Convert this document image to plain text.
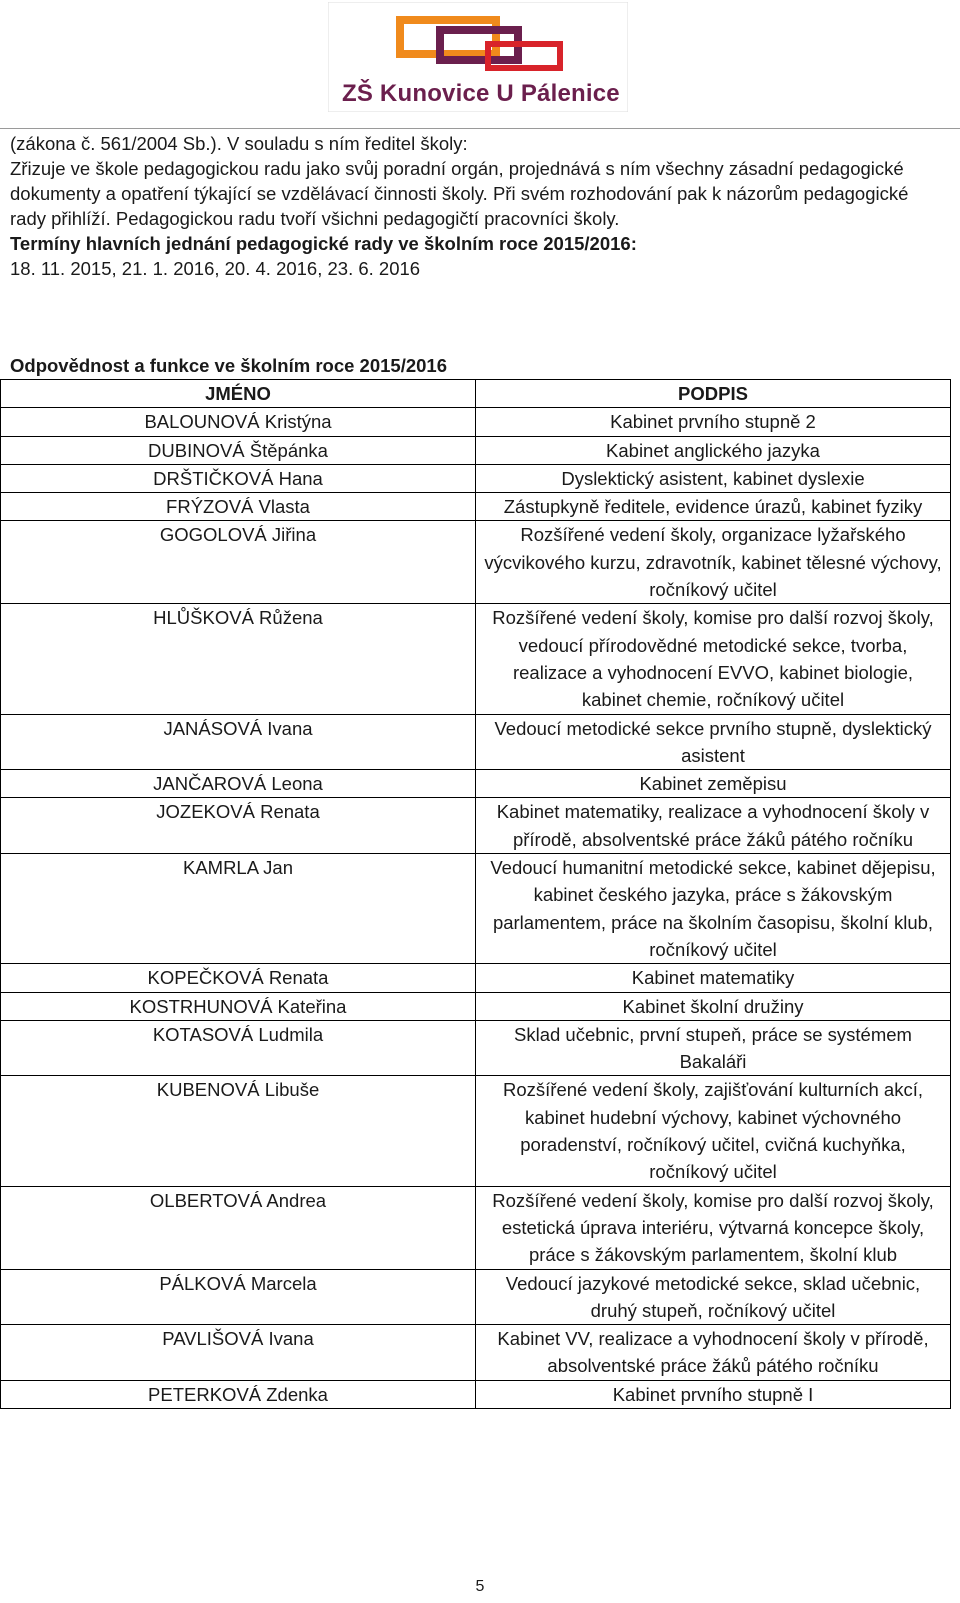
ZŠ Kunovice U Pálenice

(zákona č. 561/2004 Sb.). V souladu s ním ředitel školy:

Zřizuje ve škole pedagogickou radu jako svůj poradní orgán, projednává s ním všechny zásadní pedagogické dokumenty a opatření týkající se vzdělávací činnosti školy. Při svém rozhodování pak k názorům pedagogické rady přihlíží. Pedagogickou radu tvoří všichni pedagogičtí pracovníci školy.

Termíny hlavních jednání pedagogické rady ve školním roce 2015/2016:

18. 11. 2015, 21. 1. 2016, 20. 4. 2016, 23. 6. 2016

Odpovědnost a funkce ve školním roce 2015/2016
JMÉNO	PODPIS
BALOUNOVÁ Kristýna	Kabinet prvního stupně 2
DUBINOVÁ Štěpánka	Kabinet anglického jazyka
DRŠTIČKOVÁ Hana	Dyslektický asistent, kabinet dyslexie
FRÝZOVÁ Vlasta	Zástupkyně ředitele, evidence úrazů, kabinet fyziky
GOGOLOVÁ Jiřina	Rozšířené vedení školy, organizace lyžařského výcvikového kurzu, zdravotník, kabinet tělesné výchovy, ročníkový učitel
HLŮŠKOVÁ Růžena	Rozšířené vedení školy, komise pro další rozvoj školy, vedoucí přírodovědné metodické sekce, tvorba, realizace a vyhodnocení EVVO, kabinet biologie, kabinet chemie, ročníkový učitel
JANÁSOVÁ Ivana	Vedoucí metodické sekce prvního stupně, dyslektický asistent
JANČAROVÁ Leona	Kabinet zeměpisu
JOZEKOVÁ Renata	Kabinet matematiky, realizace a vyhodnocení školy v přírodě, absolventské práce žáků pátého ročníku
KAMRLA Jan	Vedoucí humanitní metodické sekce, kabinet dějepisu, kabinet českého jazyka, práce s žákovským parlamentem, práce na školním časopisu, školní klub, ročníkový učitel
KOPEČKOVÁ Renata	Kabinet matematiky
KOSTRHUNOVÁ Kateřina	Kabinet školní družiny
KOTASOVÁ Ludmila	Sklad učebnic, první stupeň, práce se systémem Bakaláři
KUBENOVÁ Libuše	Rozšířené vedení školy, zajišťování kulturních akcí, kabinet hudební výchovy, kabinet výchovného poradenství, ročníkový učitel, cvičná kuchyňka, ročníkový učitel
OLBERTOVÁ Andrea	Rozšířené vedení školy, komise pro další rozvoj školy, estetická úprava interiéru, výtvarná koncepce školy, práce s žákovským parlamentem, školní klub
PÁLKOVÁ Marcela	Vedoucí jazykové metodické sekce, sklad učebnic, druhý stupeň, ročníkový učitel
PAVLIŠOVÁ Ivana	Kabinet VV, realizace a vyhodnocení školy v přírodě, absolventské práce žáků pátého ročníku
PETERKOVÁ Zdenka	Kabinet prvního stupně I
5
